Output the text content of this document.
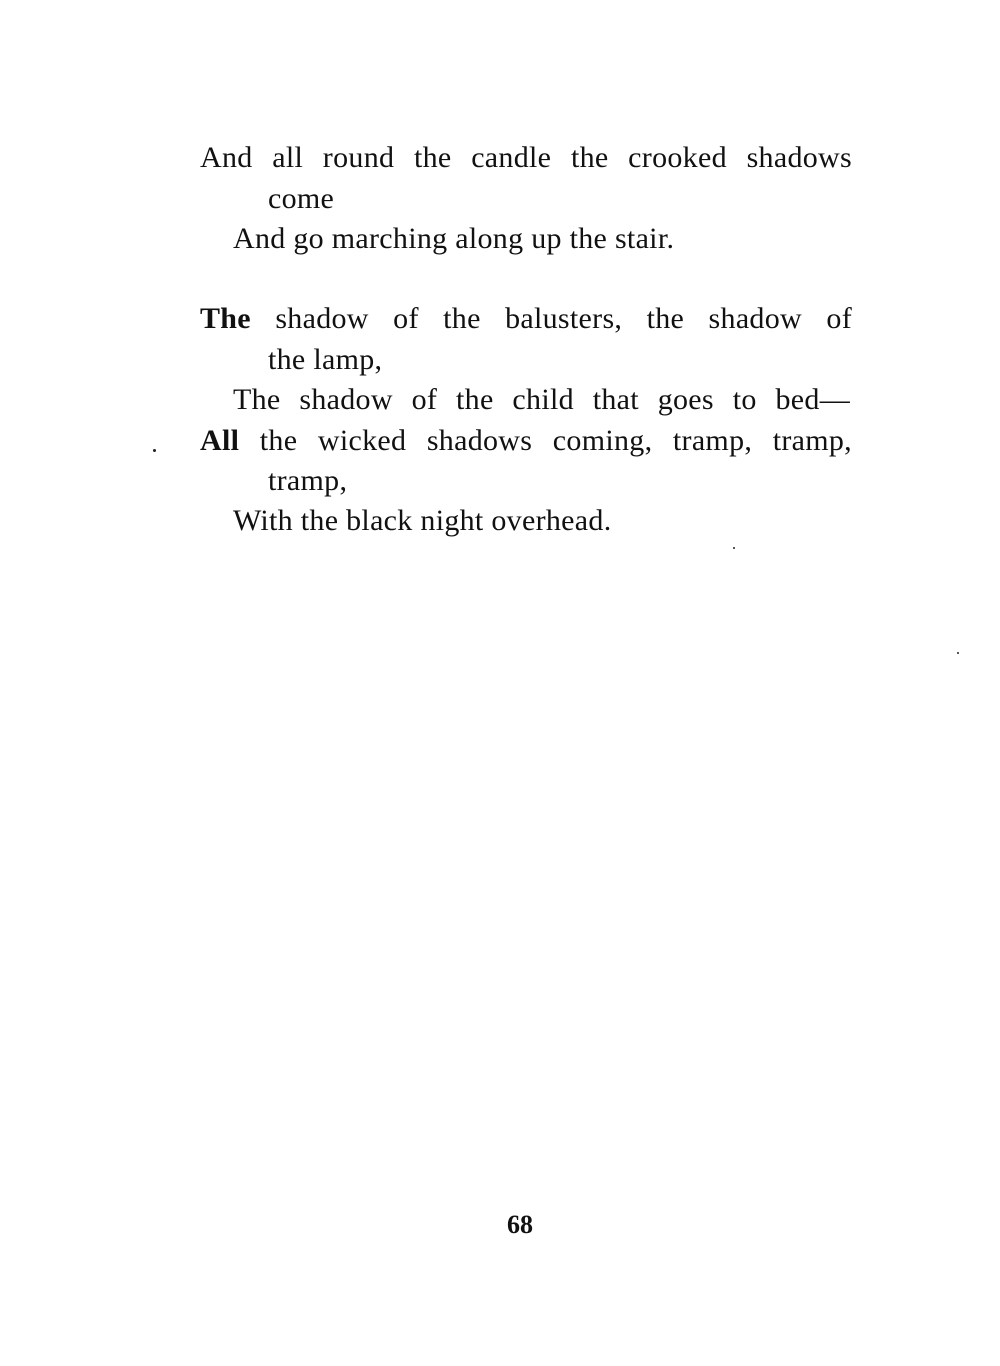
And all round the candle the crooked shadows
come
And go marching along up the stair.
The shadow of the balusters, the shadow of
the lamp,
The shadow of the child that goes to bed—
All the wicked shadows coming, tramp, tramp,
tramp,
With the black night overhead.
68
